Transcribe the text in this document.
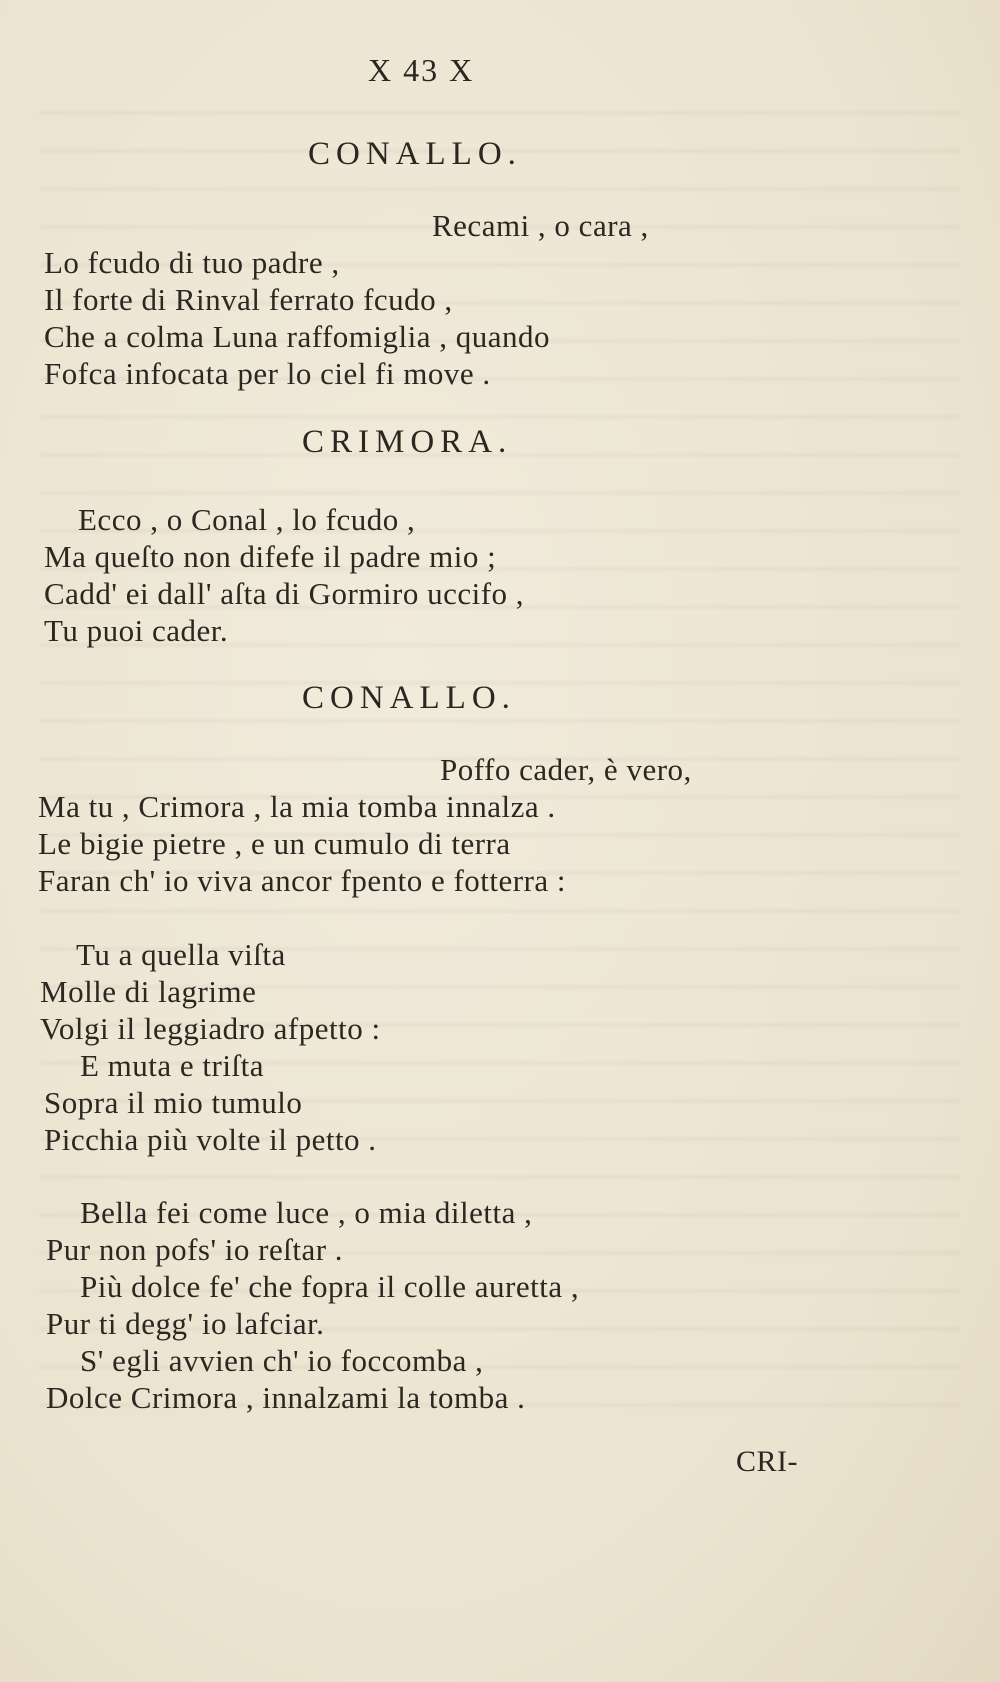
X 43 X
CONALLO.
Recami , o cara ,
Lo fcudo di tuo padre ,
Il forte di Rinval ferrato fcudo ,
Che a colma Luna raffomiglia , quando
Fofca infocata per lo ciel fi move .
CRIMORA.
Ecco , o Conal , lo fcudo ,
Ma queſto non difefe il padre mio ;
Cadd' ei dall' aſta di Gormiro uccifo ,
Tu puoi cader.
CONALLO.
Poffo cader, è vero,
Ma tu , Crimora , la mia tomba innalza .
Le bigie pietre , e un cumulo di terra
Faran ch' io viva ancor fpento e fotterra :
Tu a quella viſta
Molle di lagrime
Volgi il leggiadro afpetto :
E muta e triſta
Sopra il mio tumulo
Picchia più volte il petto .
Bella fei come luce , o mia diletta ,
Pur non pofs' io reſtar .
Più dolce fe' che fopra il colle auretta ,
Pur ti degg' io lafciar.
S' egli avvien ch' io foccomba ,
Dolce Crimora , innalzami la tomba .
CRI-
